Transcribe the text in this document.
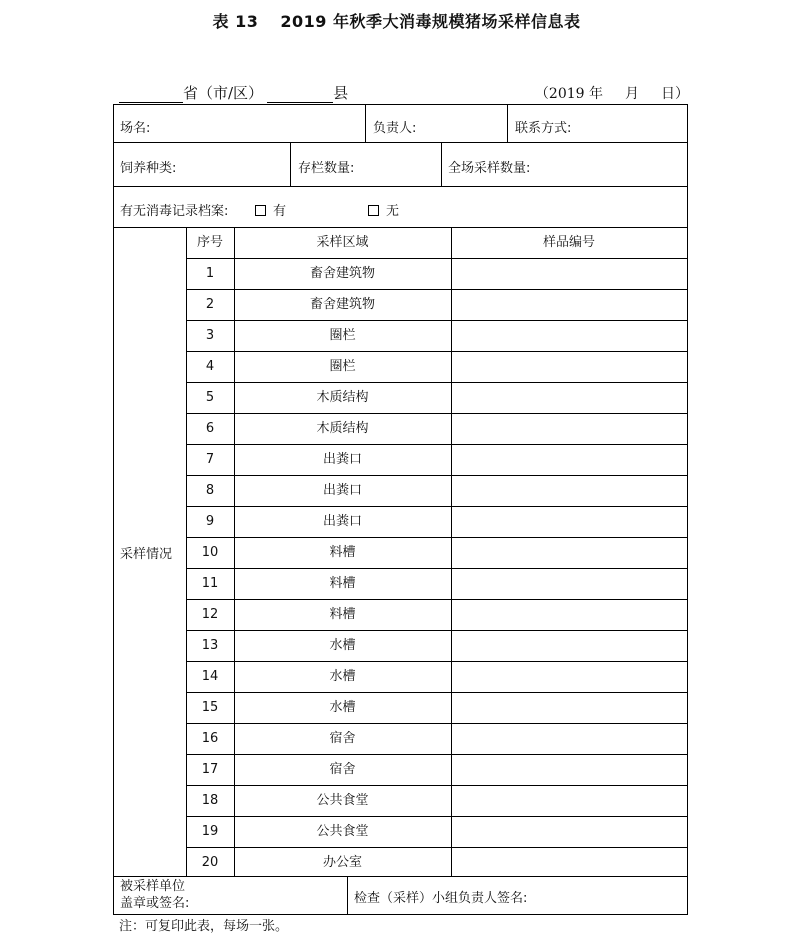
表 13 2019 年秋季大消毒规模猪场采样信息表
省（市/区）	县	（2019 年 月 日）
场名:	负责人:	联系方式:
饲养种类:	存栏数量:	全场采样数量:
有无消毒记录档案:	有	无
采样情况
序号	采样区域	样品编号
1	畜舍建筑物
2	畜舍建筑物
3	圈栏
4	圈栏
5	木质结构
6	木质结构
7	出粪口
8	出粪口
9	出粪口
10	料槽
11	料槽
12	料槽
13	水槽
14	水槽
15	水槽
16	宿舍
17	宿舍
18	公共食堂
19	公共食堂
20	办公室
被采样单位
盖章或签名:	检查（采样）小组负责人签名:
注：可复印此表，每场一张。
